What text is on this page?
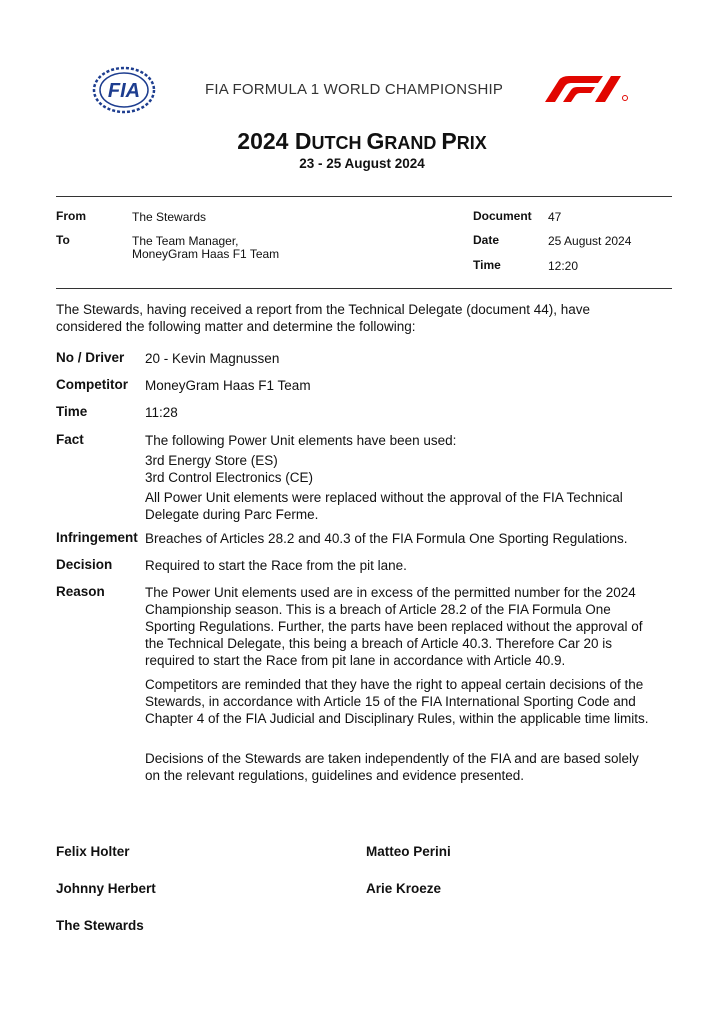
FIA	FIA FORMULA 1 WORLD CHAMPIONSHIP
2024 DUTCH GRAND PRIX
23 - 25 August 2024
From	The Stewards
To	The Team Manager,
MoneyGram Haas F1 Team
Document 47
Date	25 August 2024
Time	12:20
The Stewards, having received a report from the Technical Delegate (document 44), have
considered the following matter and determine the following:
No / Driver 20 - Kevin Magnussen
Competitor MoneyGram Haas F1 Team
Time	11:28
Fact	The following Power Unit elements have been used:

3rd Energy Store (ES)

3rd Control Electronics (CE)

All Power Unit elements were replaced without the approval of the FIA Technical

Delegate during Parc Ferme.

Infringement Breaches of Articles 28.2 and 40.3 of the FIA Formula One Sporting Regulations.
Decision Required to start the Race from the pit lane.
Reason	The Power Unit elements used are in excess of the permitted number for the 2024

Championship season. This is a breach of Article 28.2 of the FIA Formula One

Sporting Regulations. Further, the parts have been replaced without the approval of

the Technical Delegate, this being a breach of Article 40.3. Therefore Car 20 is

required to start the Race from pit lane in accordance with Article 40.9.

Competitors are reminded that they have the right to appeal certain decisions of the

Stewards, in accordance with Article 15 of the FIA International Sporting Code and

Chapter 4 of the FIA Judicial and Disciplinary Rules, within the applicable time limits.

Decisions of the Stewards are taken independently of the FIA and are based solely

on the relevant regulations, guidelines and evidence presented.

Felix Holter	Matteo Perini
Johnny Herbert	Arie Kroeze
The Stewards
